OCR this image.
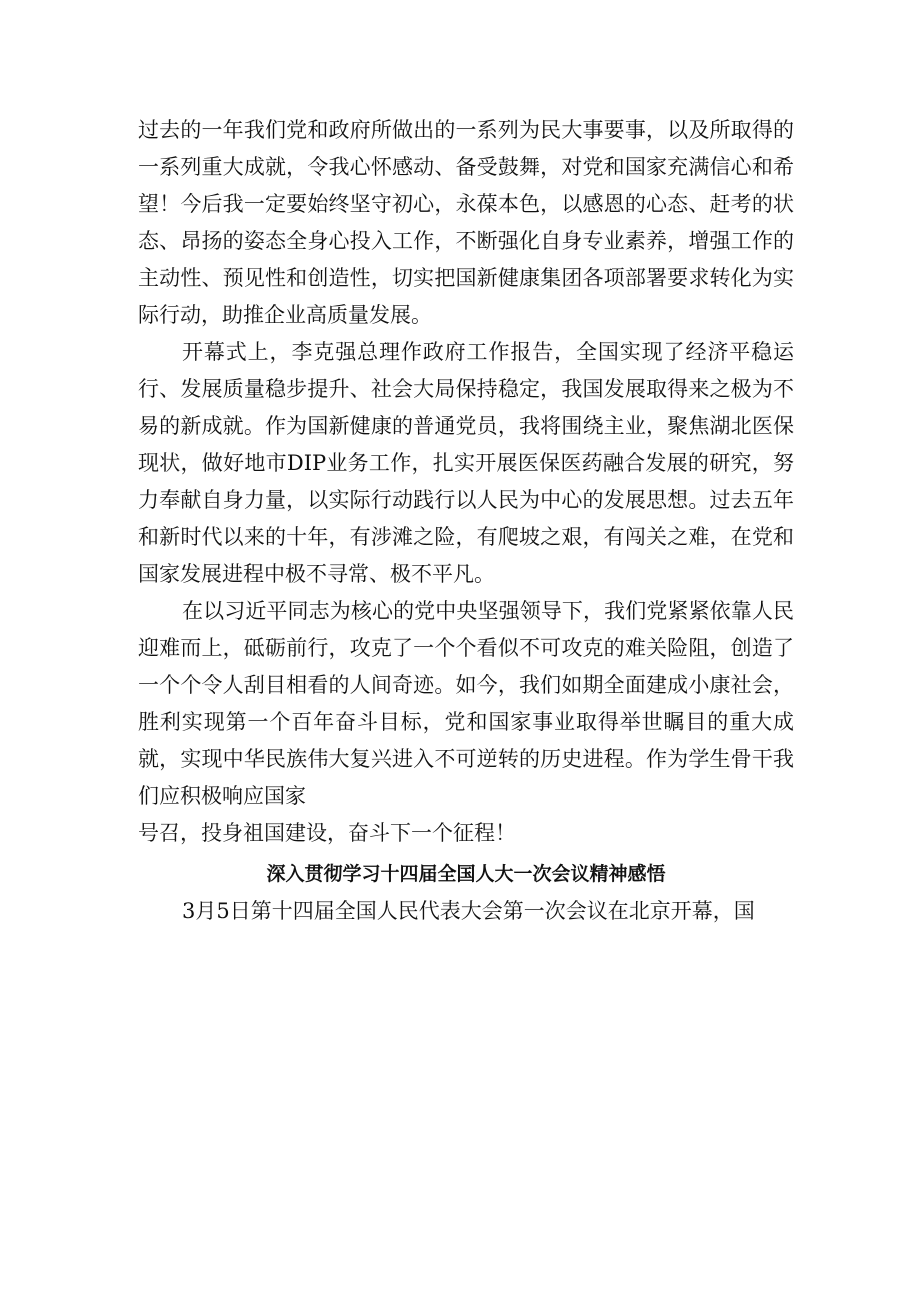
过去的一年我们党和政府所做出的一系列为民大事要事，以及所取得的一系列重大成就，令我心怀感动、备受鼓舞，对党和国家充满信心和希望！今后我一定要始终坚守初心，永葆本色，以感恩的心态、赶考的状态、昂扬的姿态全身心投入工作，不断强化自身专业素养，增强工作的主动性、预见性和创造性，切实把国新健康集团各项部署要求转化为实际行动，助推企业高质量发展。

开幕式上，李克强总理作政府工作报告，全国实现了经济平稳运行、发展质量稳步提升、社会大局保持稳定，我国发展取得来之极为不易的新成就。作为国新健康的普通党员，我将围绕主业，聚焦湖北医保现状，做好地市DIP业务工作，扎实开展医保医药融合发展的研究，努力奉献自身力量，以实际行动践行以人民为中心的发展思想。过去五年和新时代以来的十年，有涉滩之险，有爬坡之艰，有闯关之难，在党和国家发展进程中极不寻常、极不平凡。

在以习近平同志为核心的党中央坚强领导下，我们党紧紧依靠人民迎难而上，砥砺前行，攻克了一个个看似不可攻克的难关险阻，创造了一个个令人刮目相看的人间奇迹。如今，我们如期全面建成小康社会，胜利实现第一个百年奋斗目标，党和国家事业取得举世瞩目的重大成就，实现中华民族伟大复兴进入不可逆转的历史进程。作为学生骨干我们应积极响应国家

号召，投身祖国建设，奋斗下一个征程！

深入贯彻学习十四届全国人大一次会议精神感悟

3月5日第十四届全国人民代表大会第一次会议在北京开幕，国
